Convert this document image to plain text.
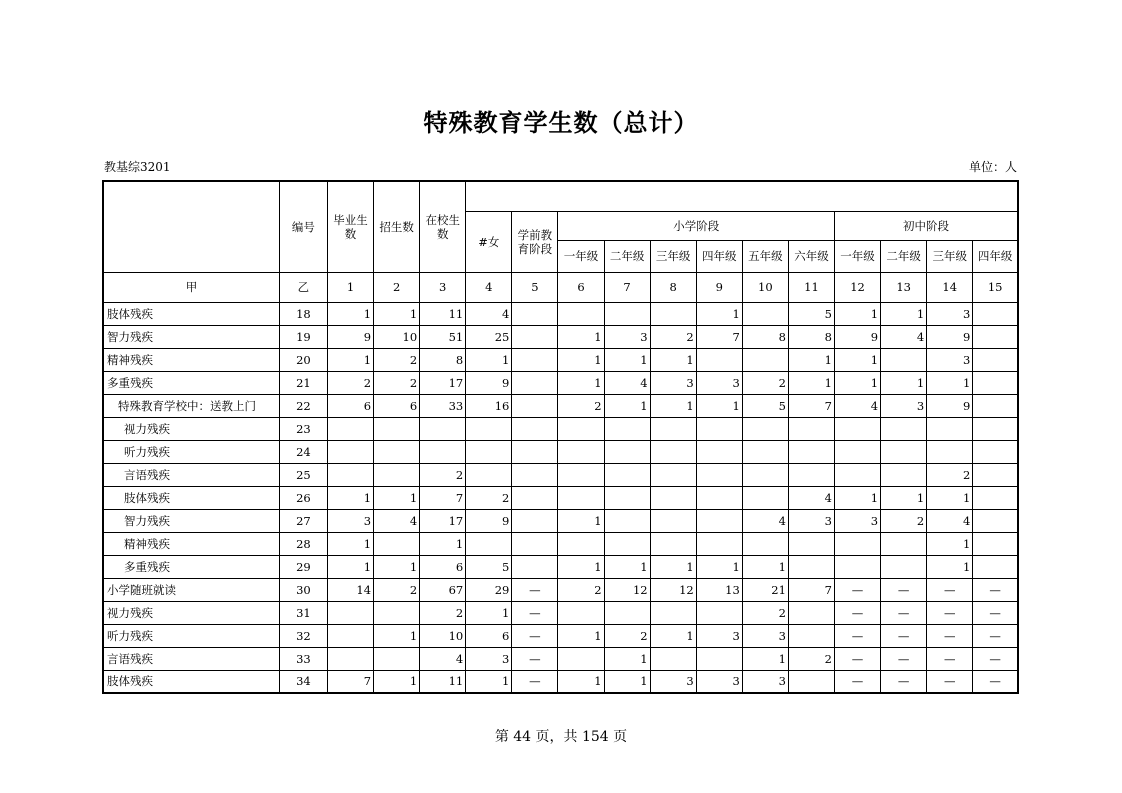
特殊教育学生数（总计）
教基综3201	单位：人
	编号	毕业生数	招生数	在校生数												
					#女	学前教育阶段	小学阶段						初中阶段			
							一年级	二年级	三年级	四年级	五年级	六年级	一年级	二年级	三年级	四年级
甲	乙	1	2	3	4	5	6	7	8	9	10	11	12	13	14	15
肢体残疾	18	1	1	11	4					1		5	1	1	3	
智力残疾	19	9	10	51	25		1	3	2	7	8	8	9	4	9	
精神残疾	20	1	2	8	1		1	1	1			1	1		3	
多重残疾	21	2	2	17	9		1	4	3	3	2	1	1	1	1	
特殊教育学校中：送教上门	22	6	6	33	16		2	1	1	1	5	7	4	3	9	
视力残疾	23															
听力残疾	24															
言语残疾	25			2											2	
肢体残疾	26	1	1	7	2							4	1	1	1	
智力残疾	27	3	4	17	9		1				4	3	3	2	4	
精神残疾	28	1		1											1	
多重残疾	29	1	1	6	5		1	1	1	1	1				1	
小学随班就读	30	14	2	67	29	—	2	12	12	13	21	7	—	—	—	—
视力残疾	31			2	1	—					2		—	—	—	—
听力残疾	32		1	10	6	—	1	2	1	3	3		—	—	—	—
言语残疾	33			4	3	—		1			1	2	—	—	—	—
肢体残疾	34	7	1	11	1	—	1	1	3	3	3		—	—	—	—
第 44 页，共 154 页
